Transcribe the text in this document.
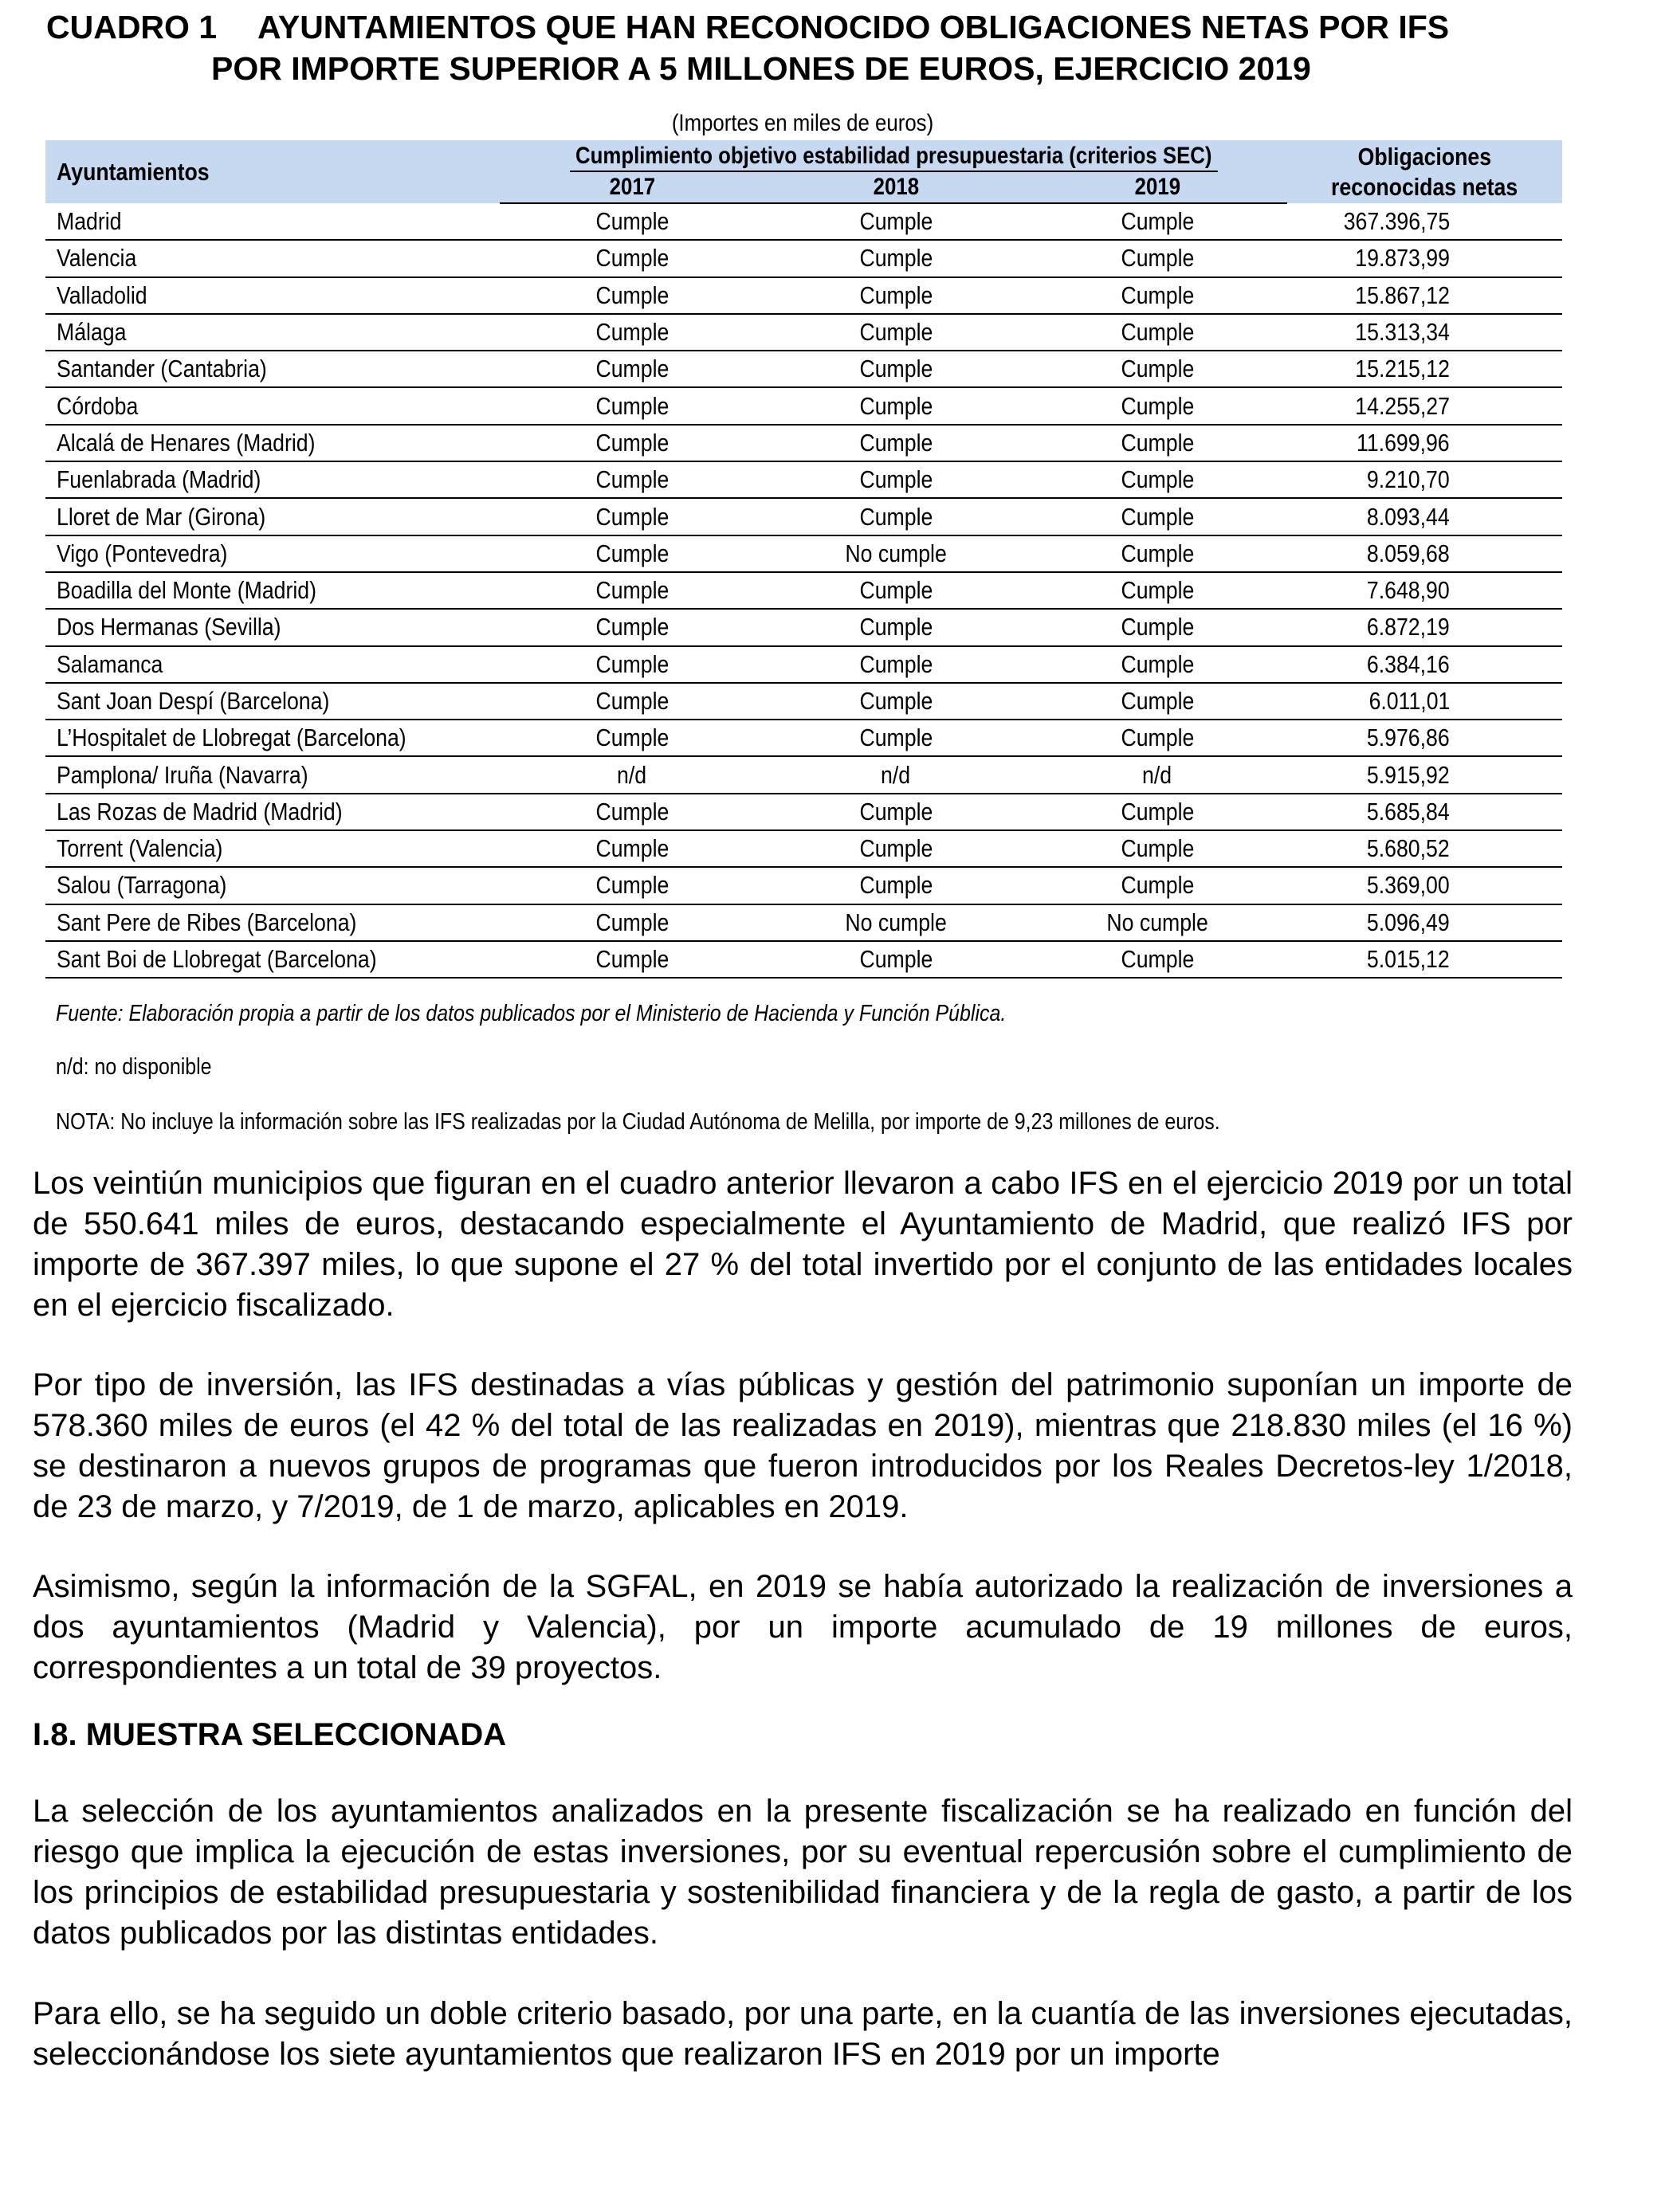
CUADRO 1	AYUNTAMIENTOS QUE HAN RECONOCIDO OBLIGACIONES NETAS POR IFS
POR IMPORTE SUPERIOR A 5 MILLONES DE EUROS, EJERCICIO 2019
(Importes en miles de euros)
Ayuntamientos	Cumplimiento objetivo estabilidad presupuestaria (criterios SEC)			Obligaciones
reconocidas netas
	2017	2018	2019	
Madrid	Cumple	Cumple	Cumple	367.396,75
Valencia	Cumple	Cumple	Cumple	19.873,99
Valladolid	Cumple	Cumple	Cumple	15.867,12
Málaga	Cumple	Cumple	Cumple	15.313,34
Santander (Cantabria)	Cumple	Cumple	Cumple	15.215,12
Córdoba	Cumple	Cumple	Cumple	14.255,27
Alcalá de Henares (Madrid)	Cumple	Cumple	Cumple	11.699,96
Fuenlabrada (Madrid)	Cumple	Cumple	Cumple	9.210,70
Lloret de Mar (Girona)	Cumple	Cumple	Cumple	8.093,44
Vigo (Pontevedra)	Cumple	No cumple	Cumple	8.059,68
Boadilla del Monte (Madrid)	Cumple	Cumple	Cumple	7.648,90
Dos Hermanas (Sevilla)	Cumple	Cumple	Cumple	6.872,19
Salamanca	Cumple	Cumple	Cumple	6.384,16
Sant Joan Despí (Barcelona)	Cumple	Cumple	Cumple	6.011,01
L’Hospitalet de Llobregat (Barcelona)	Cumple	Cumple	Cumple	5.976,86
Pamplona/ Iruña (Navarra)	n/d	n/d	n/d	5.915,92
Las Rozas de Madrid (Madrid)	Cumple	Cumple	Cumple	5.685,84
Torrent (Valencia)	Cumple	Cumple	Cumple	5.680,52
Salou (Tarragona)	Cumple	Cumple	Cumple	5.369,00
Sant Pere de Ribes (Barcelona)	Cumple	No cumple	No cumple	5.096,49
Sant Boi de Llobregat (Barcelona)	Cumple	Cumple	Cumple	5.015,12
Fuente: Elaboración propia a partir de los datos publicados por el Ministerio de Hacienda y Función Pública.
n/d: no disponible
NOTA: No incluye la información sobre las IFS realizadas por la Ciudad Autónoma de Melilla, por importe de 9,23 millones de euros.

Los veintiún municipios que figuran en el cuadro anterior llevaron a cabo IFS en el ejercicio 2019 por un total de 550.641 miles de euros, destacando especialmente el Ayuntamiento de Madrid, que realizó IFS por importe de 367.397 miles, lo que supone el 27 % del total invertido por el conjunto de las entidades locales en el ejercicio fiscalizado.

Por tipo de inversión, las IFS destinadas a vías públicas y gestión del patrimonio suponían un importe de 578.360 miles de euros (el 42 % del total de las realizadas en 2019), mientras que 218.830 miles (el 16 %) se destinaron a nuevos grupos de programas que fueron introducidos por los Reales Decretos-ley 1/2018, de 23 de marzo, y 7/2019, de 1 de marzo, aplicables en 2019.

Asimismo, según la información de la SGFAL, en 2019 se había autorizado la realización de inversiones a dos ayuntamientos (Madrid y Valencia), por un importe acumulado de 19 millones de euros, correspondientes a un total de 39 proyectos.

I.8. MUESTRA SELECCIONADA

La selección de los ayuntamientos analizados en la presente fiscalización se ha realizado en función del riesgo que implica la ejecución de estas inversiones, por su eventual repercusión sobre el cumplimiento de los principios de estabilidad presupuestaria y sostenibilidad financiera y de la regla de gasto, a partir de los datos publicados por las distintas entidades.

Para ello, se ha seguido un doble criterio basado, por una parte, en la cuantía de las inversiones ejecutadas, seleccionándose los siete ayuntamientos que realizaron IFS en 2019 por un importe
